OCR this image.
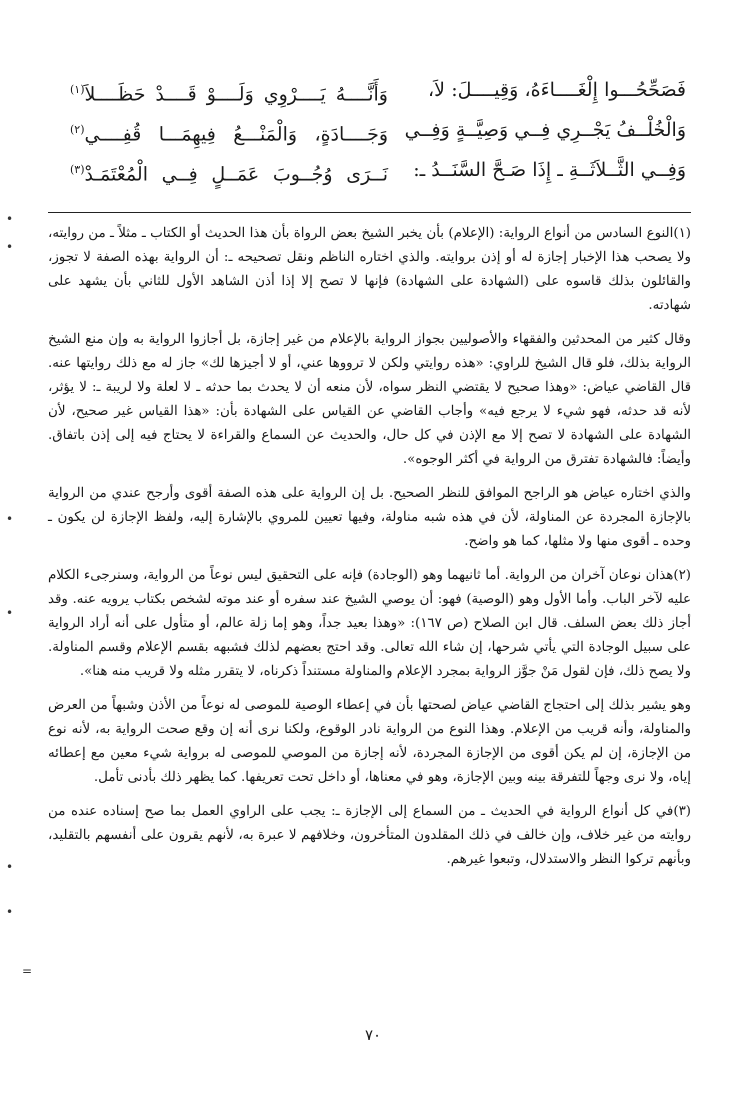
فَصَحِّحُـــوا إِلْغَــــاءَهُ، وَقِيــــلَ: لاَ،
وَأَنَّــــهُ يَــــرْوِي وَلَــــوْ قَــــدْ حَظَــــلاَ$^{(١)}$
وَالْخُلْــفُ يَجْــرِي فِــي وَصِيَّــةٍ وَفِــي
وَجَــــادَةٍ، وَالْمَنْـــعُ فِيهِمَـــا قُفِــــي$^{(٢)}$
وَفِــي الثَّــلاَثَــةِ ـ إِذَا صَـحَّ السَّنَــدُ ـ:
نَــرَى وُجُــوبَ عَمَــلٍ فِــي الْمُعْتَمَـدْ$^{(٣)}$

(١)النوع السادس من أنواع الرواية: (الإعلام) بأن يخبر الشيخ بعض الرواة بأن هذا الحديث أو الكتاب ـ مثلاً ـ من روايته، ولا يصحب هذا الإخبار إجازة له أو إذن بروايته. والذي اختاره الناظم ونقل تصحيحه ـ: أن الرواية بهذه الصفة لا تجوز، والقائلون بذلك قاسوه على (الشهادة على الشهادة) فإنها لا تصح إلا إذا أذن الشاهد الأول للثاني بأن يشهد على شهادته.

وقال كثير من المحدثين والفقهاء والأصوليين بجواز الرواية بالإعلام من غير إجازة، بل أجازوا الرواية به وإن منع الشيخ الرواية بذلك، فلو قال الشيخ للراوي: «هذه روايتي ولكن لا ترووها عني، أو لا أجيزها لك» جاز له مع ذلك روايتها عنه. قال القاضي عياض: «وهذا صحيح لا يقتضي النظر سواه، لأن منعه أن لا يحدث بما حدثه ـ لا لعلة ولا لريبة ـ: لا يؤثر، لأنه قد حدثه، فهو شيء لا يرجع فيه» وأجاب القاضي عن القياس على الشهادة بأن: «هذا القياس غير صحيح، لأن الشهادة على الشهادة لا تصح إلا مع الإذن في كل حال، والحديث عن السماع والقراءة لا يحتاج فيه إلى إذن باتفاق. وأيضاً: فالشهادة تفترق من الرواية في أكثر الوجوه».

والذي اختاره عياض هو الراجح الموافق للنظر الصحيح. بل إن الرواية على هذه الصفة أقوى وأرجح عندي من الرواية بالإجازة المجردة عن المناولة، لأن في هذه شبه مناولة، وفيها تعيين للمروي بالإشارة إليه، ولفظ الإجازة لن يكون ـ وحده ـ أقوى منها ولا مثلها، كما هو واضح.

(٢)هذان نوعان آخران من الرواية. أما ثانيهما وهو (الوجادة) فإنه على التحقيق ليس نوعاً من الرواية، وسنرجىء الكلام عليه لآخر الباب. وأما الأول وهو (الوصية) فهو: أن يوصي الشيخ عند سفره أو عند موته لشخص بكتاب يرويه عنه. وقد أجاز ذلك بعض السلف. قال ابن الصلاح (ص ١٦٧): «وهذا بعيد جداً، وهو إما زلة عالم، أو متأول على أنه أراد الرواية على سبيل الوجادة التي يأتي شرحها، إن شاء الله تعالى. وقد احتج بعضهم لذلك فشبهه بقسم الإعلام وقسم المناولة. ولا يصح ذلك، فإن لقول مَنْ جوَّز الرواية بمجرد الإعلام والمناولة مستنداً ذكرناه، لا يتقرر مثله ولا قريب منه هنا».

وهو يشير بذلك إلى احتجاج القاضي عياض لصحتها بأن في إعطاء الوصية للموصى له نوعاً من الأذن وشبهاً من العرض والمناولة، وأنه قريب من الإعلام. وهذا النوع من الرواية نادر الوقوع، ولكنا نرى أنه إن وقع صحت الرواية به، لأنه نوع من الإجازة، إن لم يكن أقوى من الإجازة المجردة، لأنه إجازة من الموصي للموصى له برواية شيء معين مع إعطائه إياه، ولا نرى وجهاً للتفرقة بينه وبين الإجازة، وهو في معناها، أو داخل تحت تعريفها. كما يظهر ذلك بأدنى تأمل.

(٣)في كل أنواع الرواية في الحديث ـ من السماع إلى الإجازة ـ: يجب على الراوي العمل بما صح إسناده عنده من روايته من غير خلاف، وإن خالف في ذلك المقلدون المتأخرون، وخلافهم لا عبرة به، لأنهم يقرون على أنفسهم بالتقليد، وبأنهم تركوا النظر والاستدلال، وتبعوا غيرهم.

٧٠
•
•
•
•
•
•
=
